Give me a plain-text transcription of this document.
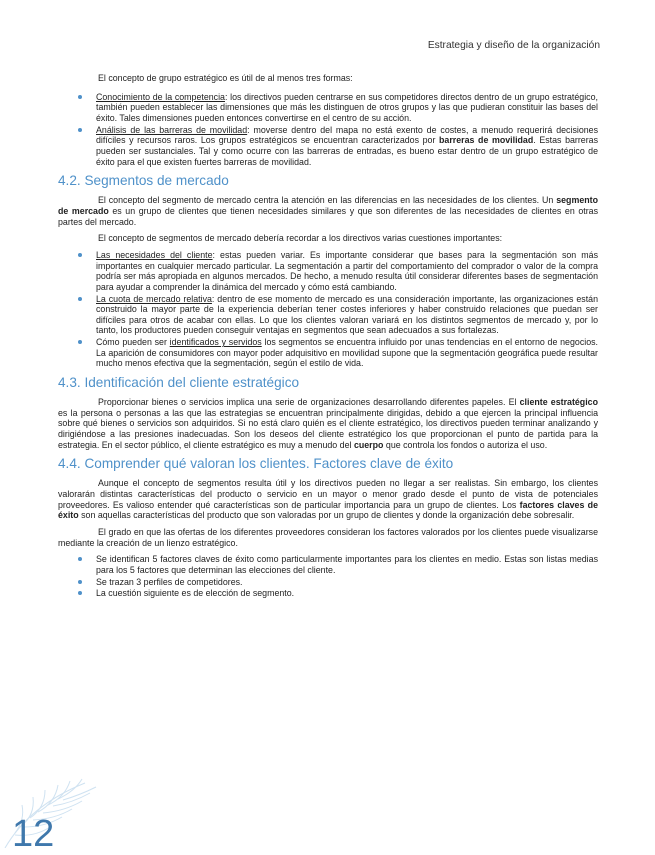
Estrategia y diseño de la organización

El concepto de grupo estratégico es útil de al menos tres formas:

Conocimiento de la competencia: los directivos pueden centrarse en sus competidores directos dentro de un grupo estratégico, también pueden establecer las dimensiones que más les distinguen de otros grupos y las que pudieran constituir las bases del éxito. Tales dimensiones pueden entonces convertirse en el centro de su acción.
Análisis de las barreras de movilidad: moverse dentro del mapa no está exento de costes, a menudo requerirá decisiones difíciles y recursos raros. Los grupos estratégicos se encuentran caracterizados por barreras de movilidad. Estas barreras pueden ser sustanciales. Tal y como ocurre con las barreras de entradas, es bueno estar dentro de un grupo estratégico de éxito para el que existen fuertes barreras de movilidad.
4.2. Segmentos de mercado

El concepto del segmento de mercado centra la atención en las diferencias en las necesidades de los clientes. Un segmento de mercado es un grupo de clientes que tienen necesidades similares y que son diferentes de las necesidades de clientes en otras partes del mercado.

El concepto de segmentos de mercado debería recordar a los directivos varias cuestiones importantes:

Las necesidades del cliente: estas pueden variar. Es importante considerar que bases para la segmentación son más importantes en cualquier mercado particular. La segmentación a partir del comportamiento del comprador o valor de la compra podría ser más apropiada en algunos mercados. De hecho, a menudo resulta útil considerar diferentes bases de segmentación para ayudar a comprender la dinámica del mercado y cómo está cambiando.
La cuota de mercado relativa: dentro de ese momento de mercado es una consideración importante, las organizaciones están construido la mayor parte de la experiencia deberían tener costes inferiores y haber construido relaciones que puedan ser difíciles para otros de acabar con ellas. Lo que los clientes valoran variará en los distintos segmentos de mercado y, por lo tanto, los productores pueden conseguir ventajas en segmentos que sean adecuados a sus fortalezas.
Cómo pueden ser identificados y servidos los segmentos se encuentra influido por unas tendencias en el entorno de negocios. La aparición de consumidores con mayor poder adquisitivo en movilidad supone que la segmentación geográfica puede resultar mucho menos efectiva que la segmentación, según el estilo de vida.
4.3. Identificación del cliente estratégico

Proporcionar bienes o servicios implica una serie de organizaciones desarrollando diferentes papeles. El cliente estratégico es la persona o personas a las que las estrategias se encuentran principalmente dirigidas, debido a que ejercen la principal influencia sobre qué bienes o servicios son adquiridos. Si no está claro quién es el cliente estratégico, los directivos pueden terminar analizando y dirigiéndose a las presiones inadecuadas. Son los deseos del cliente estratégico los que proporcionan el punto de partida para la estrategia. En el sector público, el cliente estratégico es muy a menudo del cuerpo que controla los fondos o autoriza el uso.

4.4. Comprender qué valoran los clientes. Factores clave de éxito

Aunque el concepto de segmentos resulta útil y los directivos pueden no llegar a ser realistas. Sin embargo, los clientes valorarán distintas características del producto o servicio en un mayor o menor grado desde el punto de vista de potenciales proveedores. Es valioso entender qué características son de particular importancia para un grupo de clientes. Los factores claves de éxito son aquellas características del producto que son valoradas por un grupo de clientes y donde la organización debe sobresalir.

El grado en que las ofertas de los diferentes proveedores consideran los factores valorados por los clientes puede visualizarse mediante la creación de un lienzo estratégico.

Se identifican 5 factores claves de éxito como particularmente importantes para los clientes en medio. Estas son listas medias para los 5 factores que determinan las elecciones del cliente.
Se trazan 3 perfiles de competidores.
La cuestión siguiente es de elección de segmento.
12
